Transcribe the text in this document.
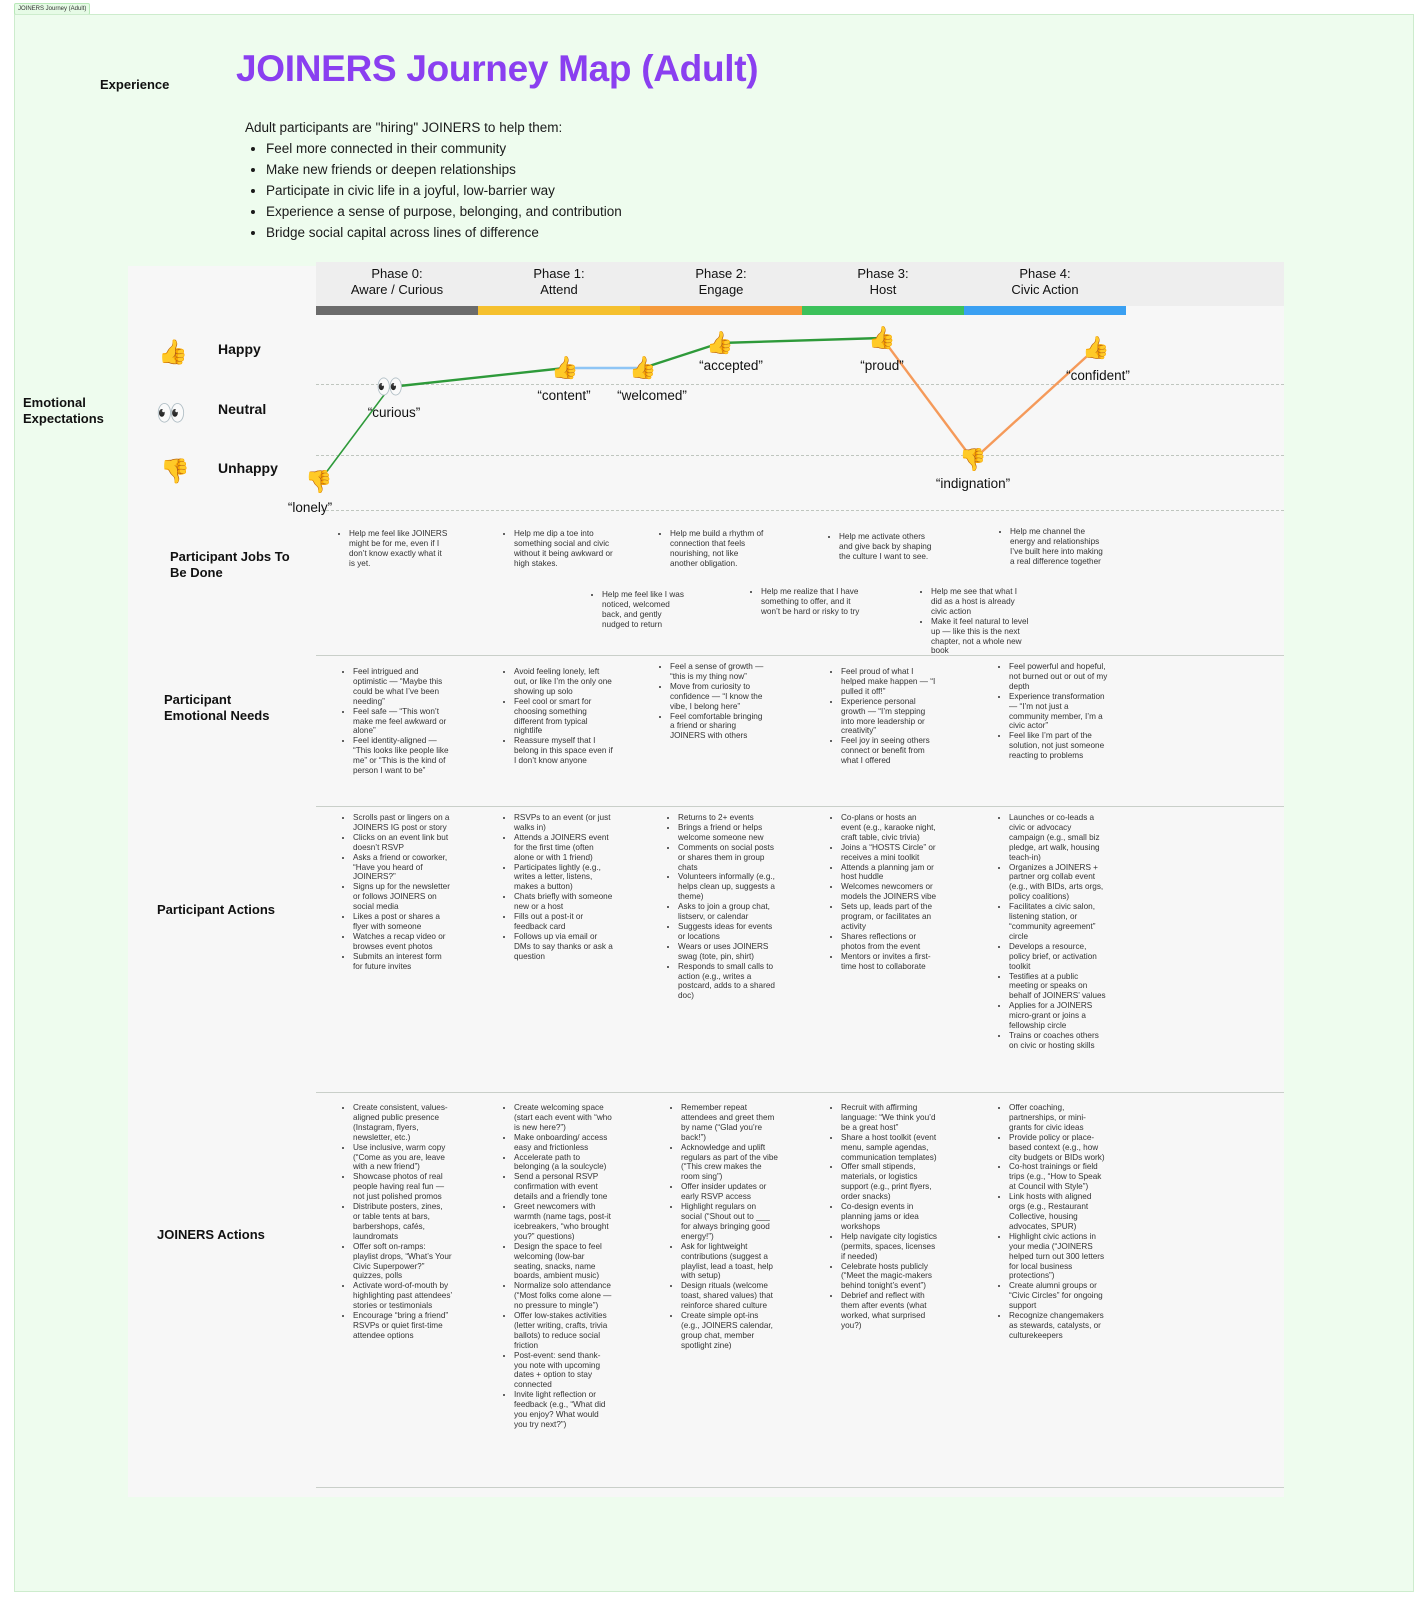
JOINERS Journey (Adult)
Experience
Emotional Expectations
Participant Jobs To Be Done
Participant Emotional Needs
Participant Actions
JOINERS Actions
JOINERS Journey Map (Adult)
Adult participants are "hiring" JOINERS to help them:
• Feel more connected in their community
• Make new friends or deepen relationships
• Participate in civic life in a joyful, low-barrier way
• Experience a sense of purpose, belonging, and contribution
• Bridge social capital across lines of difference
Phase 0:
Aware / Curious
Phase 1:
Attend
Phase 2:
Engage
Phase 3:
Host
Phase 4:
Civic Action
👍 Happy
👀 Neutral
👎 Unhappy
👎
👀
👍 👍
👍	👍
👎
👍
“lonely”
“curious”
“content” “welcomed”
“accepted”	“proud”
“indignation”
“confident”
• Help me feel like JOINERS might be for me, even if I don’t know exactly what it is yet.
• Help me dip a toe into something social and civic without it being awkward or high stakes.
• Help me feel like I was noticed, welcomed back, and gently nudged to return
• Help me build a rhythm of connection that feels nourishing, not like another obligation.
• Help me realize that I have something to offer, and it won’t be hard or risky to try
• Help me activate others and give back by shaping the culture I want to see.
• Help me see that what I did as a host is already civic action
• Make it feel natural to level up — like this is the next chapter, not a whole new book
• Help me channel the energy and relationships I’ve built here into making a real difference together
• Feel intrigued and optimistic — “Maybe this could be what I’ve been needing”
• Feel safe — “This won’t make me feel awkward or alone”
• Feel identity-aligned — “This looks like people like me” or “This is the kind of person I want to be”
• Avoid feeling lonely, left out, or like I’m the only one showing up solo
• Feel cool or smart for choosing something different from typical nightlife
• Reassure myself that I belong in this space even if I don’t know anyone
• Feel a sense of growth — “this is my thing now”
• Move from curiosity to confidence — “I know the vibe, I belong here”
• Feel comfortable bringing a friend or sharing JOINERS with others
• Feel proud of what I helped make happen — “I pulled it off!”
• Experience personal growth — “I’m stepping into more leadership or creativity”
• Feel joy in seeing others connect or benefit from what I offered
• Feel powerful and hopeful, not burned out or out of my depth
• Experience transformation — “I’m not just a community member, I’m a civic actor”
• Feel like I’m part of the solution, not just someone reacting to problems
• Scrolls past or lingers on a JOINERS IG post or story
• Clicks on an event link but doesn’t RSVP
• Asks a friend or coworker, “Have you heard of JOINERS?”
• Signs up for the newsletter or follows JOINERS on social media
• Likes a post or shares a flyer with someone
• Watches a recap video or browses event photos
• Submits an interest form for future invites
• RSVPs to an event (or just walks in)
• Attends a JOINERS event for the first time (often alone or with 1 friend)
• Participates lightly (e.g., writes a letter, listens, makes a button)
• Chats briefly with someone new or a host
• Fills out a post-it or feedback card
• Follows up via email or DMs to say thanks or ask a question
• Returns to 2+ events
• Brings a friend or helps welcome someone new
• Comments on social posts or shares them in group chats
• Volunteers informally (e.g., helps clean up, suggests a theme)
• Asks to join a group chat, listserv, or calendar
• Suggests ideas for events or locations
• Wears or uses JOINERS swag (tote, pin, shirt)
• Responds to small calls to action (e.g., writes a postcard, adds to a shared doc)
• Co-plans or hosts an event (e.g., karaoke night, craft table, civic trivia)
• Joins a “HOSTS Circle” or receives a mini toolkit
• Attends a planning jam or host huddle
• Welcomes newcomers or models the JOINERS vibe
• Sets up, leads part of the program, or facilitates an activity
• Shares reflections or photos from the event
• Mentors or invites a first-time host to collaborate
• Launches or co-leads a civic or advocacy campaign (e.g., small biz pledge, art walk, housing teach-in)
• Organizes a JOINERS + partner org collab event (e.g., with BIDs, arts orgs, policy coalitions)
• Facilitates a civic salon, listening station, or “community agreement” circle
• Develops a resource, policy brief, or activation toolkit
• Testifies at a public meeting or speaks on behalf of JOINERS’ values
• Applies for a JOINERS micro-grant or joins a fellowship circle
• Trains or coaches others on civic or hosting skills
• Create consistent, values-aligned public presence (Instagram, flyers, newsletter, etc.)
• Use inclusive, warm copy (“Come as you are, leave with a new friend”)
• Showcase photos of real people having real fun — not just polished promos
• Distribute posters, zines, or table tents at bars, barbershops, cafés, laundromats
• Offer soft on-ramps: playlist drops, “What’s Your Civic Superpower?” quizzes, polls
• Activate word-of-mouth by highlighting past attendees’ stories or testimonials
• Encourage “bring a friend” RSVPs or quiet first-time attendee options
• Create welcoming space (start each event with “who is new here?”)
• Make onboarding/ access easy and frictionless
• Accelerate path to belonging (a la soulcycle)
• Send a personal RSVP confirmation with event details and a friendly tone
• Greet newcomers with warmth (name tags, post-it icebreakers, “who brought you?” questions)
• Design the space to feel welcoming (low-bar seating, snacks, name boards, ambient music)
• Normalize solo attendance (“Most folks come alone — no pressure to mingle”)
• Offer low-stakes activities (letter writing, crafts, trivia ballots) to reduce social friction
• Post-event: send thank-you note with upcoming dates + option to stay connected
• Invite light reflection or feedback (e.g., “What did you enjoy? What would you try next?”)
• Remember repeat attendees and greet them by name (“Glad you’re back!”)
• Acknowledge and uplift regulars as part of the vibe (“This crew makes the room sing”)
• Offer insider updates or early RSVP access
• Highlight regulars on social (“Shout out to ___ for always bringing good energy!”)
• Ask for lightweight contributions (suggest a playlist, lead a toast, help with setup)
• Design rituals (welcome toast, shared values) that reinforce shared culture
• Create simple opt-ins (e.g., JOINERS calendar, group chat, member spotlight zine)
• Recruit with affirming language: “We think you’d be a great host”
• Share a host toolkit (event menu, sample agendas, communication templates)
• Offer small stipends, materials, or logistics support (e.g., print flyers, order snacks)
• Co-design events in planning jams or idea workshops
• Help navigate city logistics (permits, spaces, licenses if needed)
• Celebrate hosts publicly (“Meet the magic-makers behind tonight’s event”)
• Debrief and reflect with them after events (what worked, what surprised you?)
• Offer coaching, partnerships, or mini-grants for civic ideas
• Provide policy or place-based context (e.g., how city budgets or BIDs work)
• Co-host trainings or field trips (e.g., “How to Speak at Council with Style”)
• Link hosts with aligned orgs (e.g., Restaurant Collective, housing advocates, SPUR)
• Highlight civic actions in your media (“JOINERS helped turn out 300 letters for local business protections”)
• Create alumni groups or “Civic Circles” for ongoing support
• Recognize changemakers as stewards, catalysts, or culturekeepers
